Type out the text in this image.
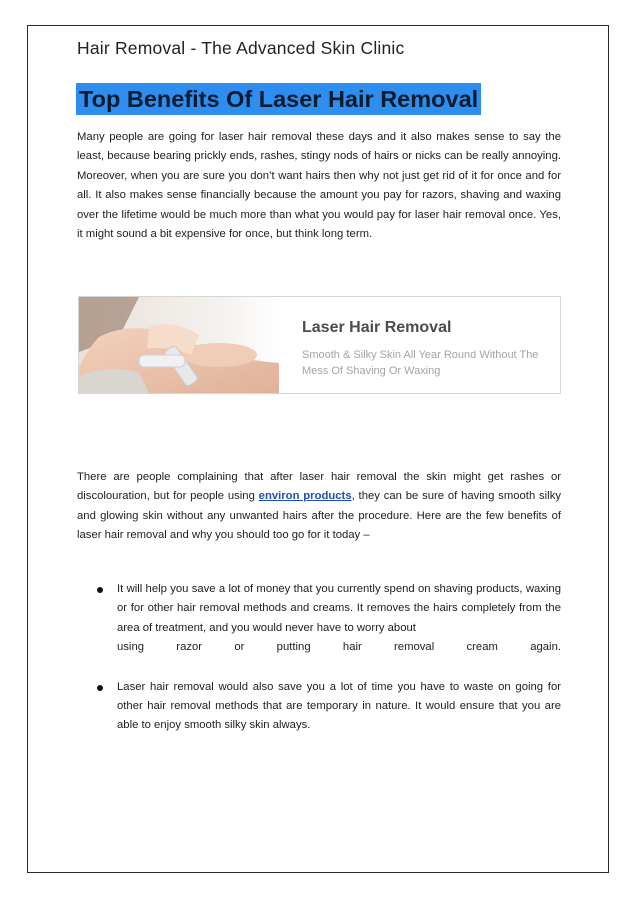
Hair Removal - The Advanced Skin Clinic
Top Benefits Of Laser Hair Removal

Many people are going for laser hair removal these days and it also makes sense to say the least, because bearing prickly ends, rashes, stingy nods of hairs or nicks can be really annoying. Moreover, when you are sure you don’t want hairs then why not just get rid of it for once and for all. It also makes sense financially because the amount you pay for razors, shaving and waxing over the lifetime would be much more than what you would pay for laser hair removal once. Yes, it might sound a bit expensive for once, but think long term.

Laser Hair Removal
Smooth & Silky Skin All Year Round Without The Mess Of Shaving Or Waxing

There are people complaining that after laser hair removal the skin might get rashes or discolouration, but for people using environ products, they can be sure of having smooth silky and glowing skin without any unwanted hairs after the procedure. Here are the few benefits of laser hair removal and why you should too go for it today –

It will help you save a lot of money that you currently spend on shaving products, waxing or for other hair removal methods and creams. It removes the hairs completely from the area of treatment, and you would never have to worry about
using razor or putting hair removal cream again.
Laser hair removal would also save you a lot of time you have to waste on going for other hair removal methods that are temporary in nature. It would ensure that you are able to enjoy smooth silky skin always.
